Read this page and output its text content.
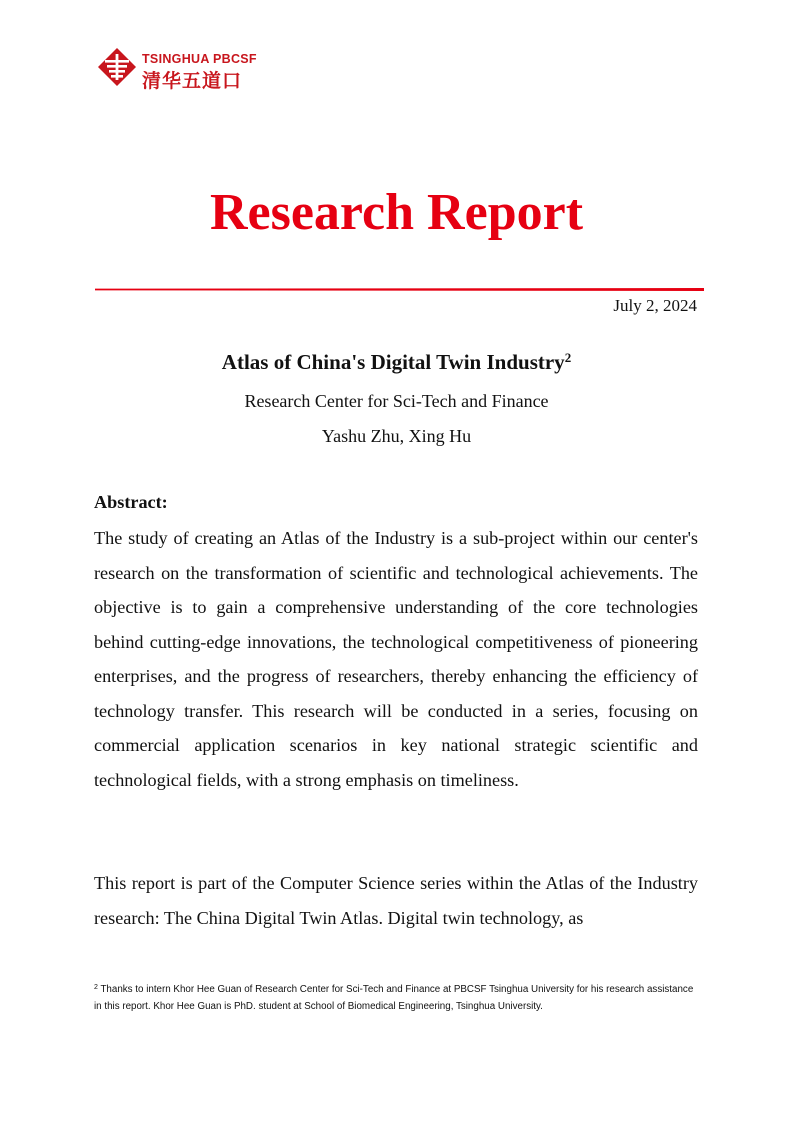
TSINGHUA PBCSF
清华五道口
Research Report
July 2, 2024
Atlas of China's Digital Twin Industry$^2$
Research Center for Sci-Tech and Finance
Yashu Zhu, Xing Hu
Abstract:
The study of creating an Atlas of the Industry is a sub-project within our center's research on the transformation of scientific and technological achievements. The objective is to gain a comprehensive understanding of the core technologies behind cutting-edge innovations, the technological competitiveness of pioneering enterprises, and the progress of researchers, thereby enhancing the efficiency of technology transfer. This research will be conducted in a series, focusing on commercial application scenarios in key national strategic scientific and technological fields, with a strong emphasis on timeliness.
This report is part of the Computer Science series within the Atlas of the Industry research: The China Digital Twin Atlas. Digital twin technology, as
$^2$ Thanks to intern Khor Hee Guan of Research Center for Sci-Tech and Finance at PBCSF Tsinghua University for his research assistance in this report. Khor Hee Guan is PhD. student at School of Biomedical Engineering, Tsinghua University.
